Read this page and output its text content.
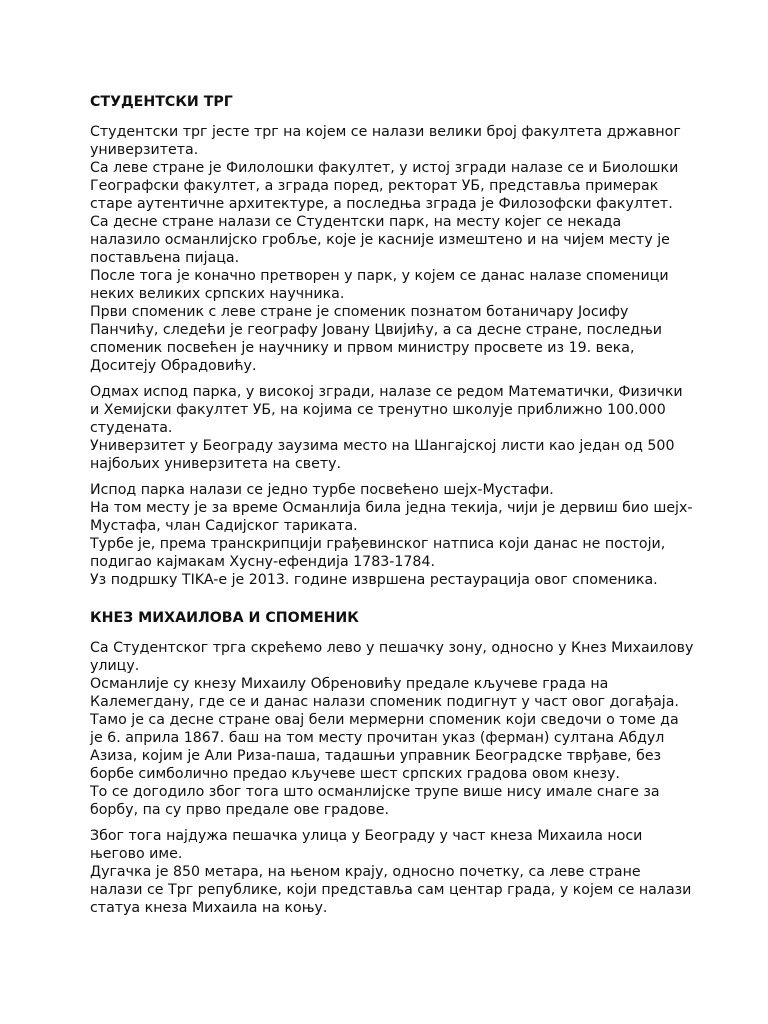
СТУДЕНТСКИ ТРГ
Студентски трг јесте трг на којем се налази велики број факултета државног
универзитета.
Са леве стране је Филолошки факултет, у истој згради налазе се и Биолошки
Географски факултет, а зграда поред, ректорат УБ, представља примерак
старе аутентичне архитектуре, а последња зграда је Филозофски факултет.
Са десне стране налази се Студентски парк, на месту којег се некада
налазило османлијско гробље, које је касније измештено и на чијем месту је
постављена пијаца.
После тога је коначно претворен у парк, у којем се данас налазе споменици
неких великих српских научника.
Први споменик с леве стране је споменик познатом ботаничару Јосифу
Панчићу, следећи је географу Јовану Цвијићу, а са десне стране, последњи
споменик посвећен је научнику и првом министру просвете из 19. века,
Доситеју Обрадовићу.
Одмах испод парка, у високој згради, налазе се редом Математички, Физички
и Хемијски факултет УБ, на којима се тренутно школује приближно 100.000
студената.
Универзитет у Београду заузима место на Шангајској листи као један од 500
најбољих универзитета на свету.
Испод парка налази се једно турбе посвећено шејх-Мустафи.
На том месту је за време Османлија била једна текија, чији је дервиш био шејх-
Мустафа, члан Садијског тариката.
Турбе је, према транскрипцији грађевинског натписа који данас не постоји,
подигао кајмакам Хусну-ефендија 1783-1784.
Уз подршку TIKA-е је 2013. године извршена рестаурација овог споменика.
КНЕЗ МИХАИЛОВА И СПОМЕНИК
Са Студентског трга скрећемо лево у пешачку зону, односно у Кнез Михаилову
улицу.
Османлије су кнезу Михаилу Обреновићу предале кључеве града на
Калемегдану, где се и данас налази споменик подигнут у част овог догађаја.
Тамо је са десне стране овај бели мермерни споменик који сведочи о томе да
је 6. априла 1867. баш на том месту прочитан указ (ферман) султана Абдул
Азиза, којим је Али Риза-паша, тадашњи управник Београдске тврђаве, без
борбе симболично предао кључеве шест српских градова овом кнезу.
То се догодило због тога што османлијске трупе више нису имале снаге за
борбу, па су прво предале ове градове.
Због тога најдужа пешачка улица у Београду у част кнеза Михаила носи
његово име.
Дугачка је 850 метара, на њеном крају, односно почетку, са леве стране
налази се Трг републике, који представља сам центар града, у којем се налази
статуа кнеза Михаила на коњу.
